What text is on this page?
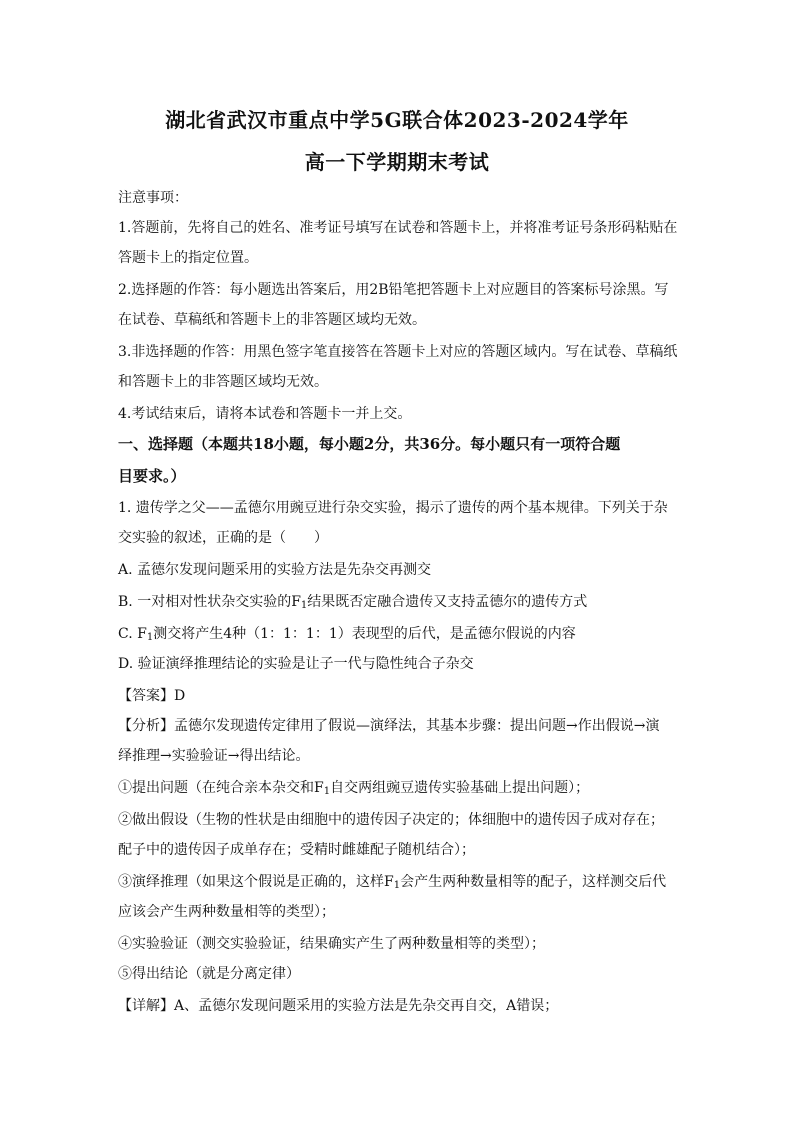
湖北省武汉市重点中学5G联合体2023-2024学年
高一下学期期末考试
注意事项：
1.答题前，先将自己的姓名、准考证号填写在试卷和答题卡上，并将准考证号条形码粘贴在
答题卡上的指定位置。
2.选择题的作答：每小题选出答案后，用2B铅笔把答题卡上对应题目的答案标号涂黑。写
在试卷、草稿纸和答题卡上的非答题区域均无效。
3.非选择题的作答：用黑色签字笔直接答在答题卡上对应的答题区域内。写在试卷、草稿纸
和答题卡上的非答题区域均无效。
4.考试结束后，请将本试卷和答题卡一并上交。
一、选择题（本题共18小题，每小题2分，共36分。每小题只有一项符合题
目要求。）
1. 遗传学之父——孟德尔用豌豆进行杂交实验，揭示了遗传的两个基本规律。下列关于杂
交实验的叙述，正确的是（　　）
A. 孟德尔发现问题采用的实验方法是先杂交再测交
B. 一对相对性状杂交实验的$F_1$结果既否定融合遗传又支持孟德尔的遗传方式
C. $F_1$测交将产生4种（1：1：1：1）表现型的后代，是孟德尔假说的内容
D. 验证演绎推理结论的实验是让子一代与隐性纯合子杂交
【答案】D
【分析】孟德尔发现遗传定律用了假说—演绎法，其基本步骤：提出问题→作出假说→演
绎推理→实验验证→得出结论。
①提出问题（在纯合亲本杂交和$F_1$自交两组豌豆遗传实验基础上提出问题）；
②做出假设（生物的性状是由细胞中的遗传因子决定的；体细胞中的遗传因子成对存在；
配子中的遗传因子成单存在；受精时雌雄配子随机结合）；
③演绎推理（如果这个假说是正确的，这样$F_1$会产生两种数量相等的配子，这样测交后代
应该会产生两种数量相等的类型）；
④实验验证（测交实验验证，结果确实产生了两种数量相等的类型）；
⑤得出结论（就是分离定律）
【详解】A、孟德尔发现问题采用的实验方法是先杂交再自交，A错误；
